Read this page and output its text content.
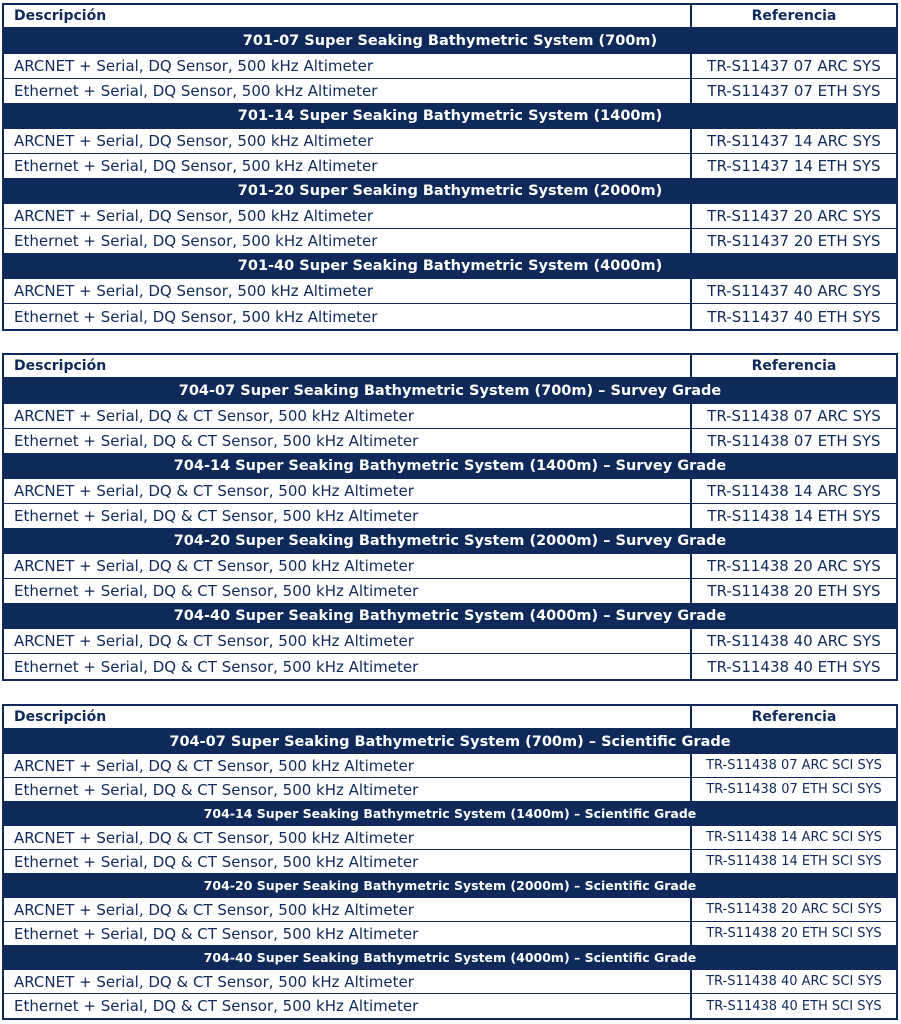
Descripción	Referencia
701-07 Super Seaking Bathymetric System (700m)
ARCNET + Serial, DQ Sensor, 500 kHz Altimeter	TR-S11437 07 ARC SYS
Ethernet + Serial, DQ Sensor, 500 kHz Altimeter	TR-S11437 07 ETH SYS
701-14 Super Seaking Bathymetric System (1400m)
ARCNET + Serial, DQ Sensor, 500 kHz Altimeter	TR-S11437 14 ARC SYS
Ethernet + Serial, DQ Sensor, 500 kHz Altimeter	TR-S11437 14 ETH SYS
701-20 Super Seaking Bathymetric System (2000m)
ARCNET + Serial, DQ Sensor, 500 kHz Altimeter	TR-S11437 20 ARC SYS
Ethernet + Serial, DQ Sensor, 500 kHz Altimeter	TR-S11437 20 ETH SYS
701-40 Super Seaking Bathymetric System (4000m)
ARCNET + Serial, DQ Sensor, 500 kHz Altimeter	TR-S11437 40 ARC SYS
Ethernet + Serial, DQ Sensor, 500 kHz Altimeter	TR-S11437 40 ETH SYS
Descripción	Referencia
704-07 Super Seaking Bathymetric System (700m) – Survey Grade
ARCNET + Serial, DQ & CT Sensor, 500 kHz Altimeter	TR-S11438 07 ARC SYS
Ethernet + Serial, DQ & CT Sensor, 500 kHz Altimeter	TR-S11438 07 ETH SYS
704-14 Super Seaking Bathymetric System (1400m) – Survey Grade
ARCNET + Serial, DQ & CT Sensor, 500 kHz Altimeter	TR-S11438 14 ARC SYS
Ethernet + Serial, DQ & CT Sensor, 500 kHz Altimeter	TR-S11438 14 ETH SYS
704-20 Super Seaking Bathymetric System (2000m) – Survey Grade
ARCNET + Serial, DQ & CT Sensor, 500 kHz Altimeter	TR-S11438 20 ARC SYS
Ethernet + Serial, DQ & CT Sensor, 500 kHz Altimeter	TR-S11438 20 ETH SYS
704-40 Super Seaking Bathymetric System (4000m) – Survey Grade
ARCNET + Serial, DQ & CT Sensor, 500 kHz Altimeter	TR-S11438 40 ARC SYS
Ethernet + Serial, DQ & CT Sensor, 500 kHz Altimeter	TR-S11438 40 ETH SYS
Descripción	Referencia
704-07 Super Seaking Bathymetric System (700m) – Scientific Grade
ARCNET + Serial, DQ & CT Sensor, 500 kHz Altimeter	TR-S11438 07 ARC SCI SYS
Ethernet + Serial, DQ & CT Sensor, 500 kHz Altimeter	TR-S11438 07 ETH SCI SYS
704-14 Super Seaking Bathymetric System (1400m) – Scientific Grade
ARCNET + Serial, DQ & CT Sensor, 500 kHz Altimeter	TR-S11438 14 ARC SCI SYS
Ethernet + Serial, DQ & CT Sensor, 500 kHz Altimeter	TR-S11438 14 ETH SCI SYS
704-20 Super Seaking Bathymetric System (2000m) – Scientific Grade
ARCNET + Serial, DQ & CT Sensor, 500 kHz Altimeter	TR-S11438 20 ARC SCI SYS
Ethernet + Serial, DQ & CT Sensor, 500 kHz Altimeter	TR-S11438 20 ETH SCI SYS
704-40 Super Seaking Bathymetric System (4000m) – Scientific Grade
ARCNET + Serial, DQ & CT Sensor, 500 kHz Altimeter	TR-S11438 40 ARC SCI SYS
Ethernet + Serial, DQ & CT Sensor, 500 kHz Altimeter	TR-S11438 40 ETH SCI SYS
